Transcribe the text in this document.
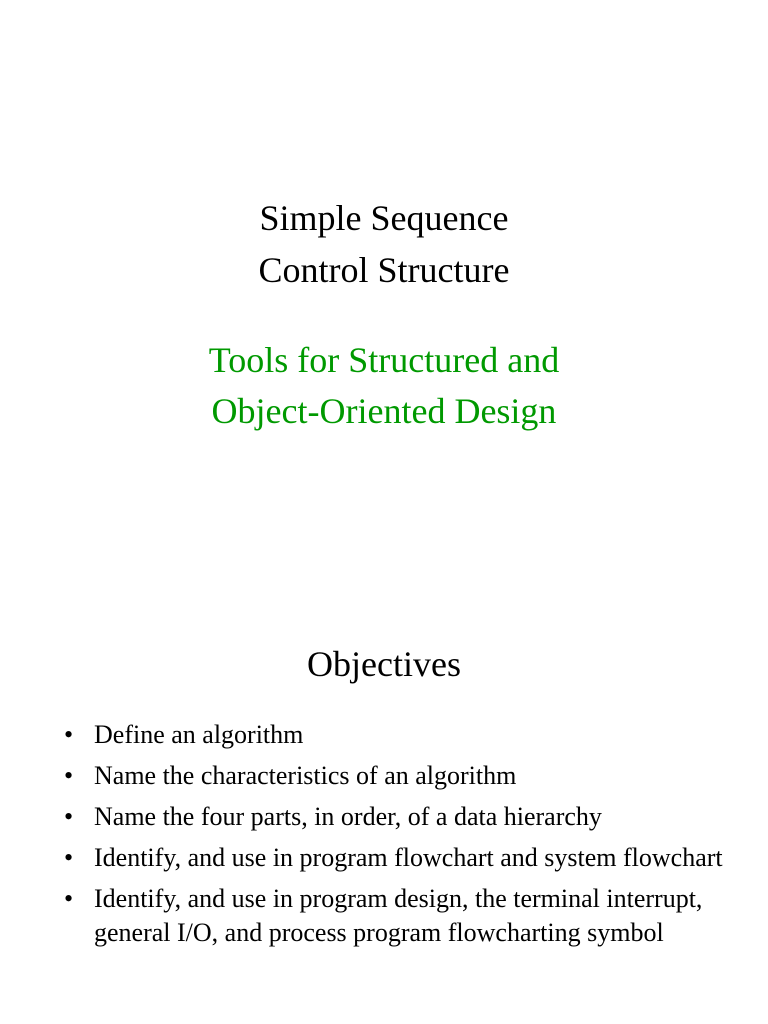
Simple Sequence
Control Structure
Tools for Structured and
Object-Oriented Design
Objectives
• Define an algorithm
• Name the characteristics of an algorithm
• Name the four parts, in order, of a data hierarchy
• Identify, and use in program flowchart and system flowchart
• Identify, and use in program design, the terminal interrupt, general I/O, and process program flowcharting symbol
